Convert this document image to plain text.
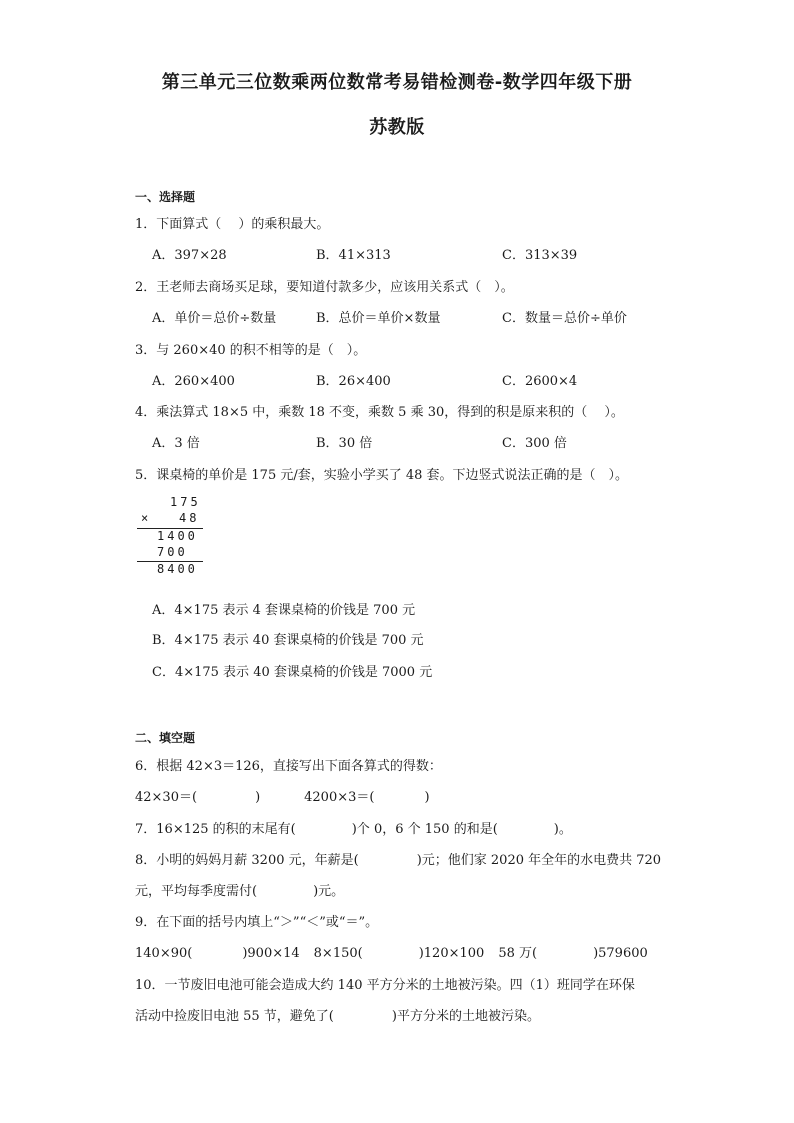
第三单元三位数乘两位数常考易错检测卷-数学四年级下册
苏教版
一、选择题
1．下面算式（　 ）的乘积最大。
A．397×28	B．41×313	C．313×39
2．王老师去商场买足球，要知道付款多少，应该用关系式（　）。
A．单价＝总价÷数量	B．总价＝单价×数量	C．数量＝总价÷单价
3．与 260×40 的积不相等的是（　）。
A．260×400	B．26×400	C．2600×4
4．乘法算式 18×5 中，乘数 18 不变，乘数 5 乘 30，得到的积是原来积的（　 ）。
A．3 倍	B．30 倍	C．300 倍
5．课桌椅的单价是 175 元/套，实验小学买了 48 套。下边竖式说法正确的是（　）。
175
×	48
1400
700
8400
A．4×175 表示 4 套课桌椅的价钱是 700 元
B．4×175 表示 40 套课桌椅的价钱是 700 元
C．4×175 表示 40 套课桌椅的价钱是 7000 元
二、填空题
6．根据 42×3＝126，直接写出下面各算式的得数：
42×30＝(	)	4200×3＝(	)
7．16×125 的积的末尾有(	)个 0，6 个 150 的和是(	)。
8．小明的妈妈月薪 3200 元，年薪是(	)元；他们家 2020 年全年的水电费共 720
元，平均每季度需付(	)元。
9．在下面的括号内填上“＞”“＜”或“＝”。
140×90(	)900×14 8×150(	)120×100 58 万(	)579600
10．一节废旧电池可能会造成大约 140 平方分米的土地被污染。四（1）班同学在环保
活动中捡废旧电池 55 节，避免了(	)平方分米的土地被污染。
